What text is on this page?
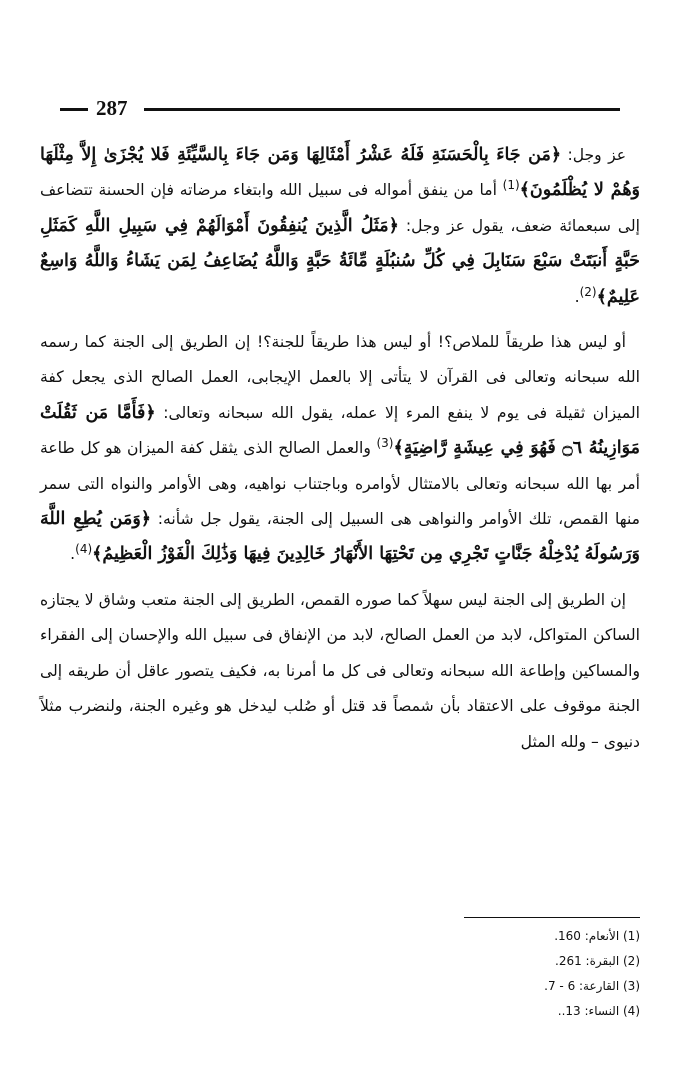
287

عز وجل: ﴿مَن جَاءَ بِالْحَسَنَةِ فَلَهُ عَشْرُ أَمْثَالِهَا وَمَن جَاءَ بِالسَّيِّئَةِ فَلا يُجْزَىٰ إِلاَّ مِثْلَهَا وَهُمْ لا يُظْلَمُونَ﴾$^{(1)}$ أما من ينفق أمواله فى سبيل الله وابتغاء مرضاته فإن الحسنة تتضاعف إلى سبعمائة ضعف، يقول عز وجل: ﴿مَثَلُ الَّذِينَ يُنفِقُونَ أَمْوَالَهُمْ فِي سَبِيلِ اللَّهِ كَمَثَلِ حَبَّةٍ أَنبَتَتْ سَبْعَ سَنَابِلَ فِي كُلِّ سُنبُلَةٍ مِّائَةُ حَبَّةٍ وَاللَّهُ يُضَاعِفُ لِمَن يَشَاءُ وَاللَّهُ وَاسِعٌ عَلِيمٌ﴾$^{(2)}$.

أو ليس هذا طريقاً للملاص؟! أو ليس هذا طريقاً للجنة؟! إن الطريق إلى الجنة كما رسمه الله سبحانه وتعالى فى القرآن لا يتأتى إلا بالعمل الإيجابى، العمل الصالح الذى يجعل كفة الميزان ثقيلة فى يوم لا ينفع المرء إلا عمله، يقول الله سبحانه وتعالى: ﴿فَأَمَّا مَن ثَقُلَتْ مَوَازِينُهُ ۝٦ فَهُوَ فِي عِيشَةٍ رَّاضِيَةٍ﴾$^{(3)}$ والعمل الصالح الذى يثقل كفة الميزان هو كل طاعة أمر بها الله سبحانه وتعالى بالامتثال لأوامره وباجتناب نواهيه، وهى الأوامر والنواه التى سمر منها القمص، تلك الأوامر والنواهى هى السبيل إلى الجنة، يقول جل شأنه: ﴿وَمَن يُطِعِ اللَّهَ وَرَسُولَهُ يُدْخِلْهُ جَنَّاتٍ تَجْرِي مِن تَحْتِهَا الأَنْهَارُ خَالِدِينَ فِيهَا وَذَٰلِكَ الْفَوْزُ الْعَظِيمُ﴾$^{(4)}$.

إن الطريق إلى الجنة ليس سهلاً كما صوره القمص، الطريق إلى الجنة متعب وشاق لا يجتازه الساكن المتواكل، لابد من العمل الصالح، لابد من الإنفاق فى سبيل الله والإحسان إلى الفقراء والمساكين وإطاعة الله سبحانه وتعالى فى كل ما أمرنا به، فكيف يتصور عاقل أن طريقه إلى الجنة موقوف على الاعتقاد بأن شمصاً قد قتل أو صُلب ليدخل هو وغيره الجنة، ولنضرب مثلاً دنيوى – ولله المثل

(1) الأنعام: 160.
(2) البقرة: 261.
(3) القارعة: 6 - 7.
(4) النساء: 13..
